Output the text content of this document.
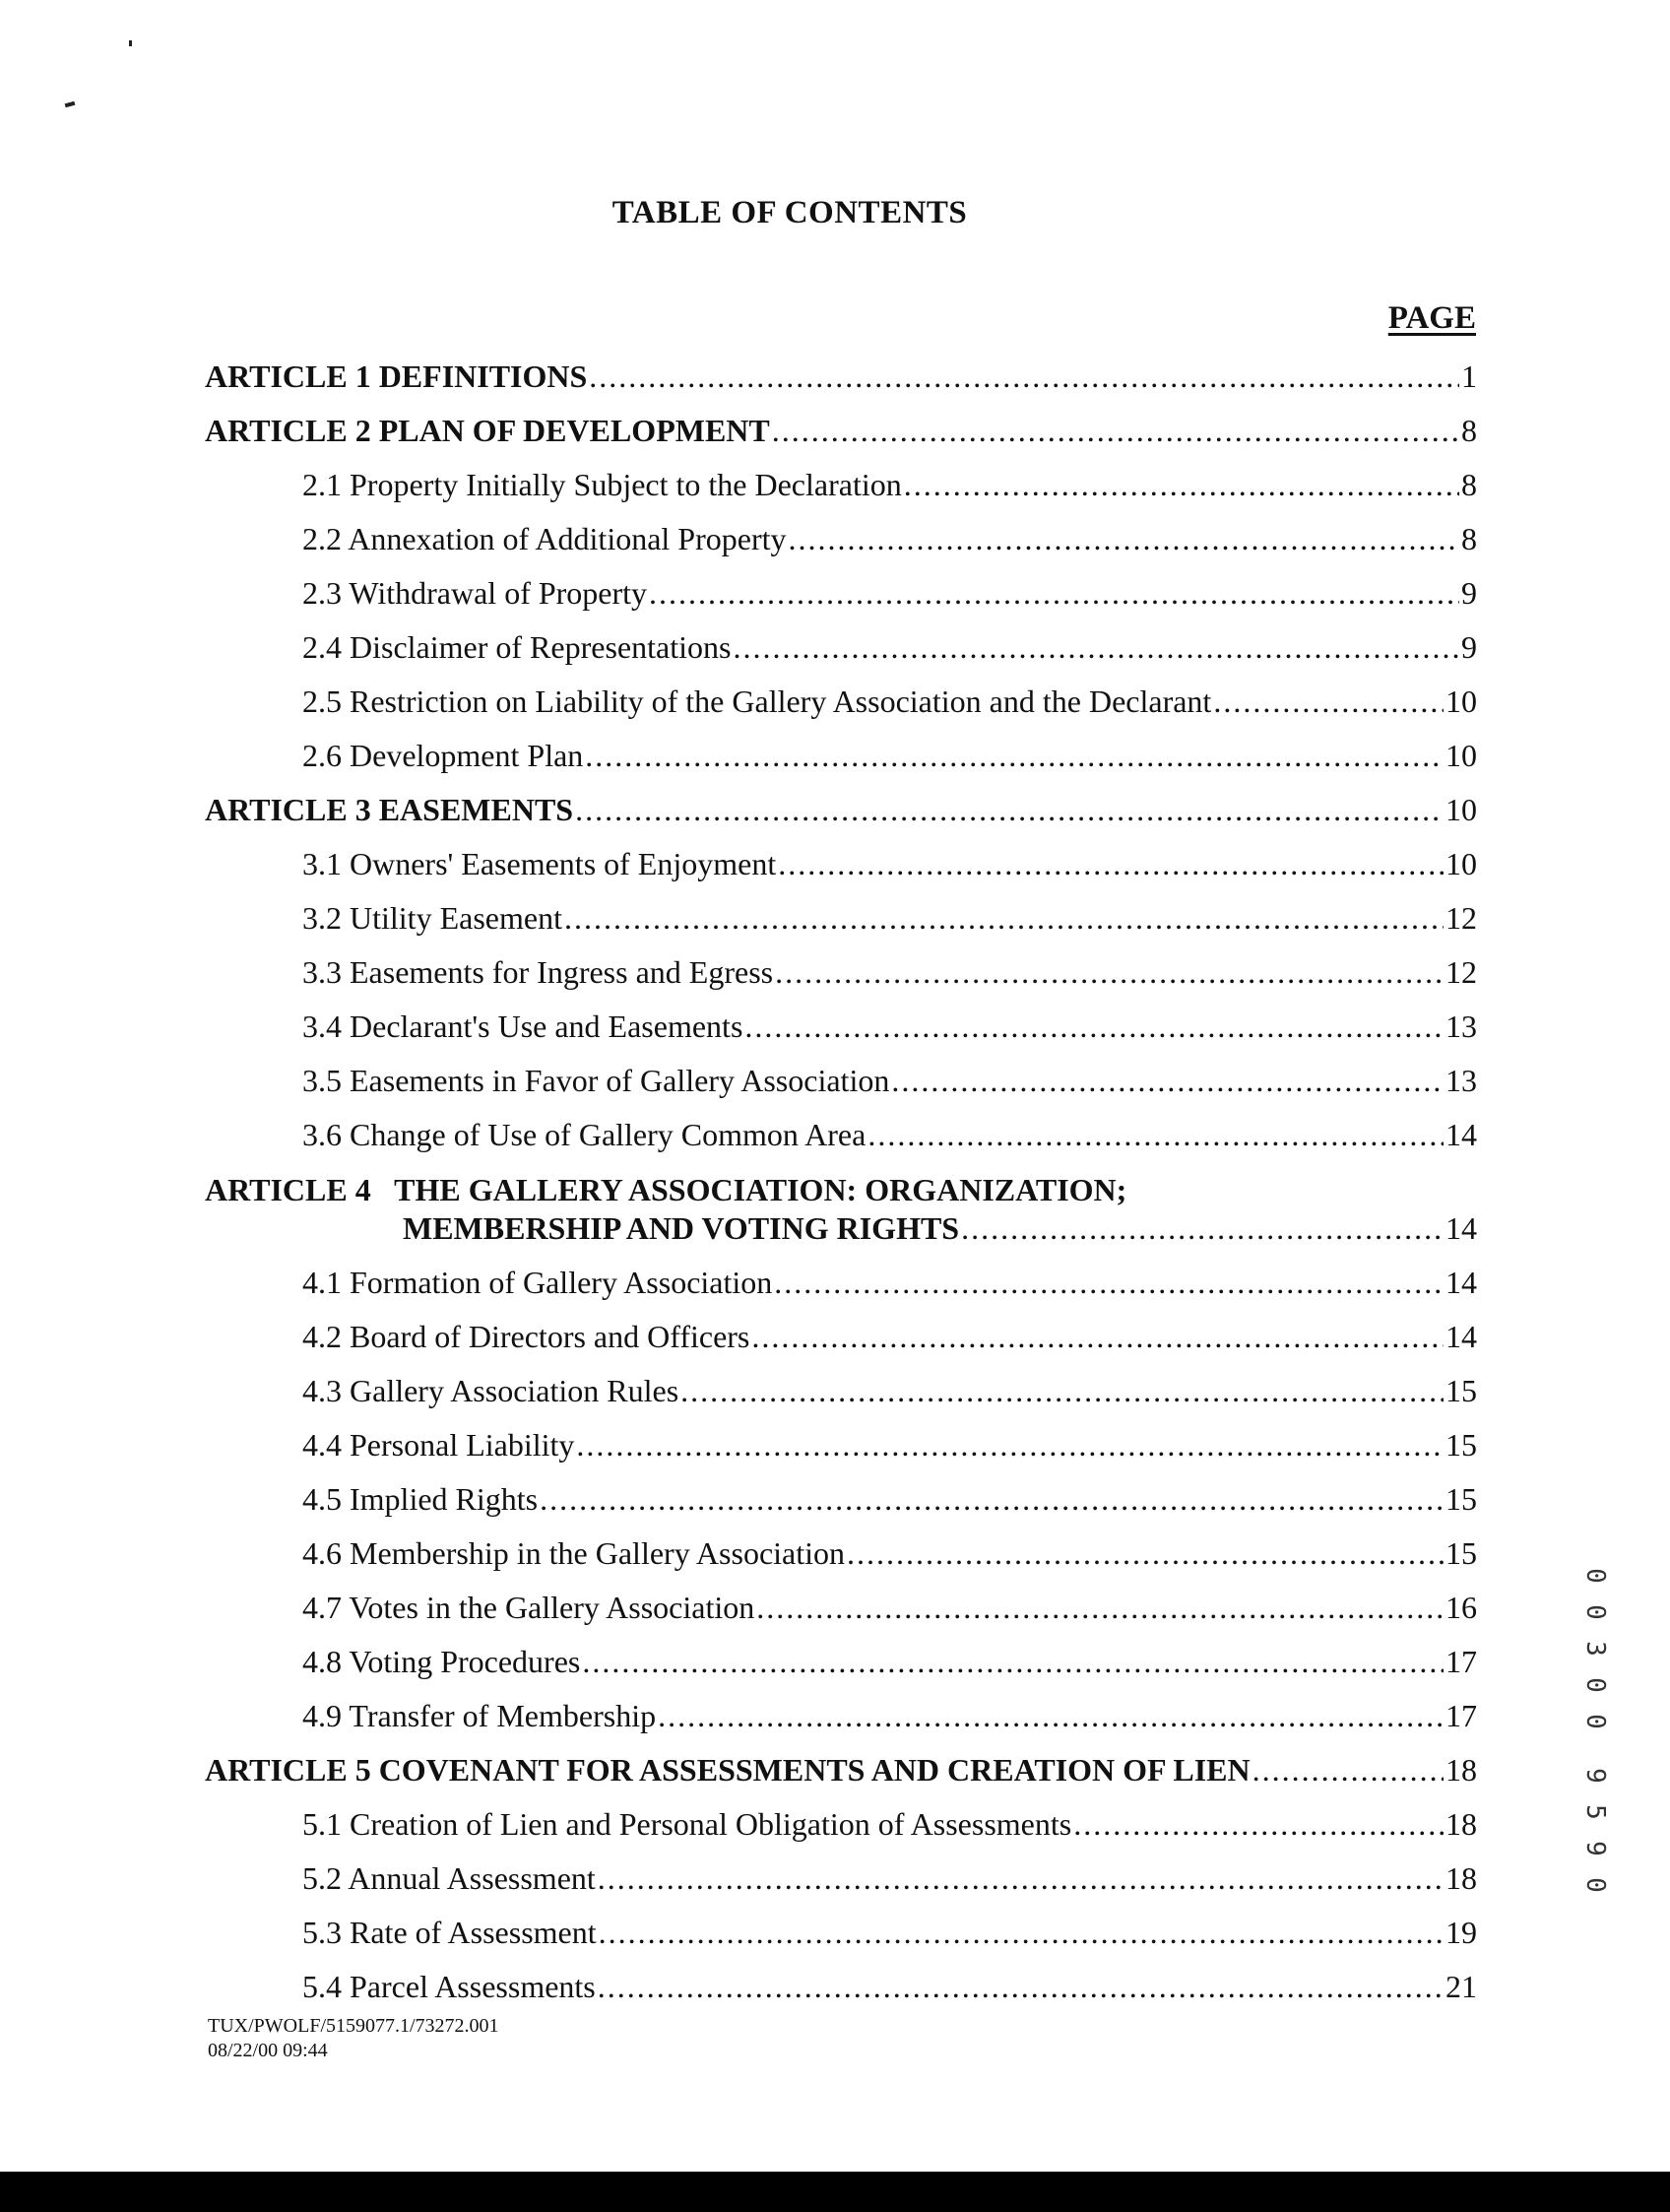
TABLE OF CONTENTS
PAGE
ARTICLE 1 DEFINITIONS .....	1
ARTICLE 2 PLAN OF DEVELOPMENT .....	8
2.1 Property Initially Subject to the Declaration .....	8
2.2 Annexation of Additional Property .....	8
2.3 Withdrawal of Property .....	9
2.4 Disclaimer of Representations .....	9
2.5 Restriction on Liability of the Gallery Association and the Declarant .....	10
2.6 Development Plan .....	10
ARTICLE 3 EASEMENTS .....	10
3.1 Owners' Easements of Enjoyment .....	10
3.2 Utility Easement .....	12
3.3 Easements for Ingress and Egress .....	12
3.4 Declarant's Use and Easements .....	13
3.5 Easements in Favor of Gallery Association .....	13
3.6 Change of Use of Gallery Common Area .....	14
ARTICLE 4   THE GALLERY ASSOCIATION: ORGANIZATION;
MEMBERSHIP AND VOTING RIGHTS .....	14
4.1 Formation of Gallery Association .....	14
4.2 Board of Directors and Officers .....	14
4.3 Gallery Association Rules .....	15
4.4 Personal Liability .....	15
4.5 Implied Rights .....	15
4.6 Membership in the Gallery Association .....	15
4.7 Votes in the Gallery Association .....	16
4.8 Voting Procedures .....	17
4.9 Transfer of Membership .....	17
ARTICLE 5 COVENANT FOR ASSESSMENTS AND CREATION OF LIEN .....	18
5.1 Creation of Lien and Personal Obligation of Assessments .....	18
5.2 Annual Assessment .....	18
5.3 Rate of Assessment .....	19
5.4 Parcel Assessments .....	21
TUX/PWOLF/5159077.1/73272.001
08/22/00 09:44
0
0
3
0
0
9
5
9
0
